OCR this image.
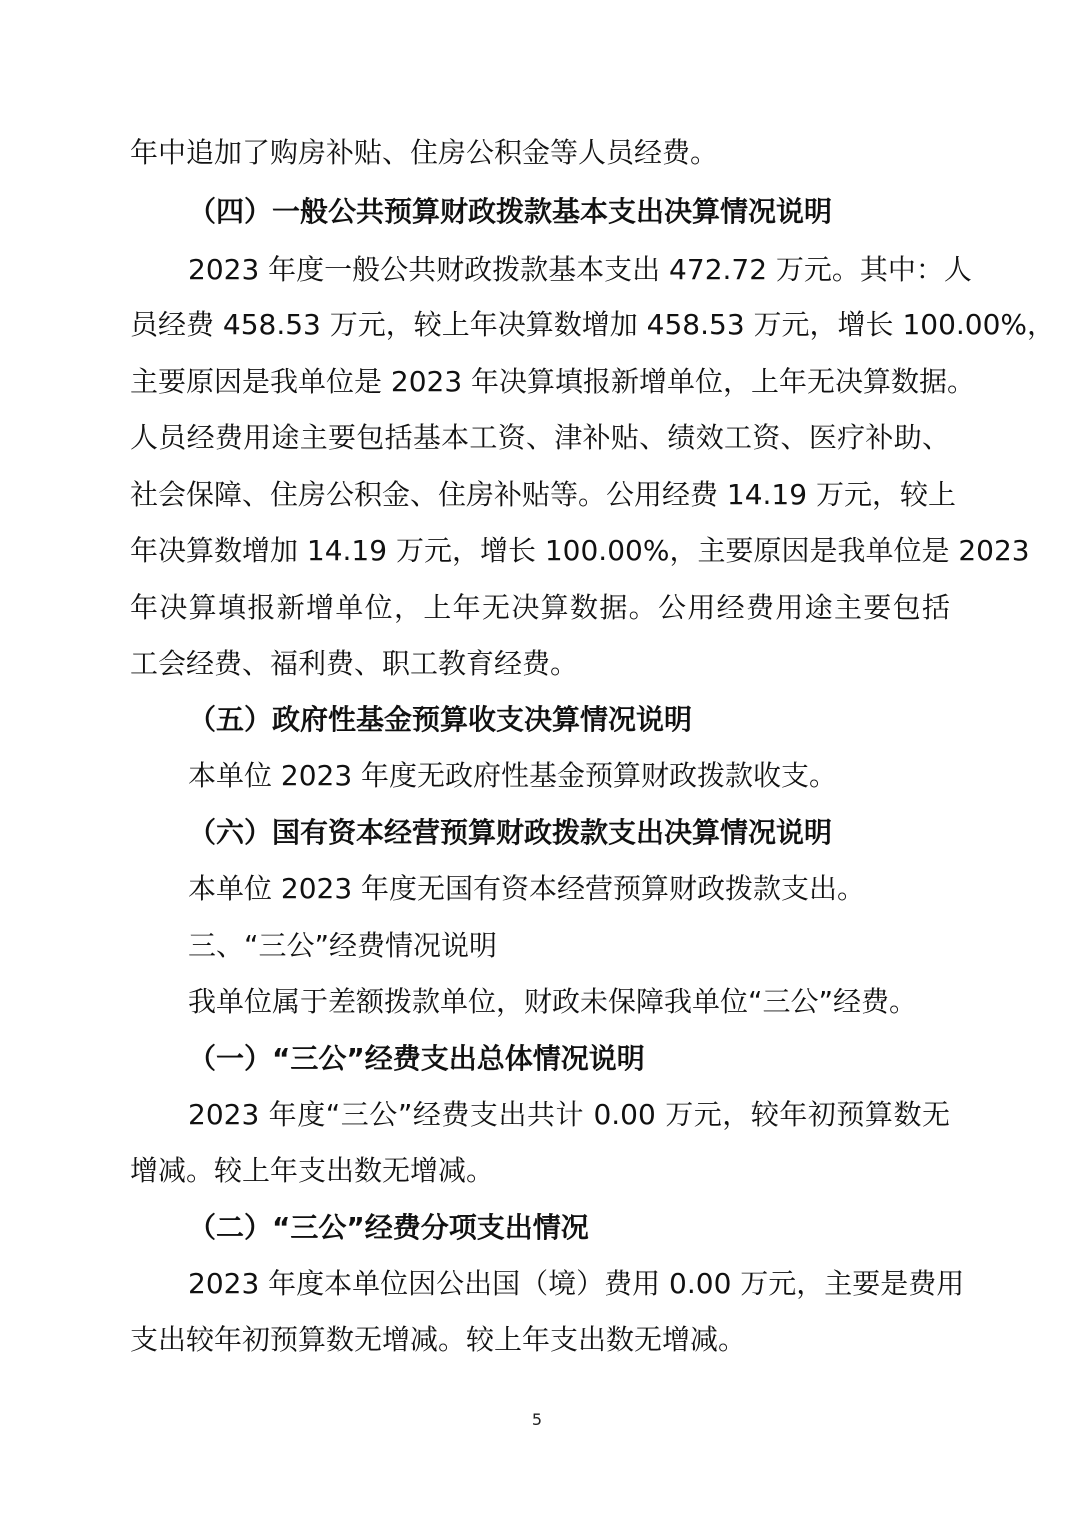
年中追加了购房补贴、住房公积金等人员经费。
（四）一般公共预算财政拨款基本支出决算情况说明
2023 年度一般公共财政拨款基本支出 472.72 万元。其中：人
员经费 458.53 万元，较上年决算数增加 458.53 万元，增长 100.00%，
主要原因是我单位是 2023 年决算填报新增单位，上年无决算数据。
人员经费用途主要包括基本工资、津补贴、绩效工资、医疗补助、
社会保障、住房公积金、住房补贴等。公用经费 14.19 万元，较上
年决算数增加 14.19 万元，增长 100.00%，主要原因是我单位是 2023
年决算填报新增单位，上年无决算数据。公用经费用途主要包括
工会经费、福利费、职工教育经费。
（五）政府性基金预算收支决算情况说明
本单位 2023 年度无政府性基金预算财政拨款收支。
（六）国有资本经营预算财政拨款支出决算情况说明
本单位 2023 年度无国有资本经营预算财政拨款支出。
三、“三公”经费情况说明
我单位属于差额拨款单位，财政未保障我单位“三公”经费。
（一）“三公”经费支出总体情况说明
2023 年度“三公”经费支出共计 0.00 万元，较年初预算数无
增减。较上年支出数无增减。
（二）“三公”经费分项支出情况
2023 年度本单位因公出国（境）费用 0.00 万元，主要是费用
支出较年初预算数无增减。较上年支出数无增减。
5
